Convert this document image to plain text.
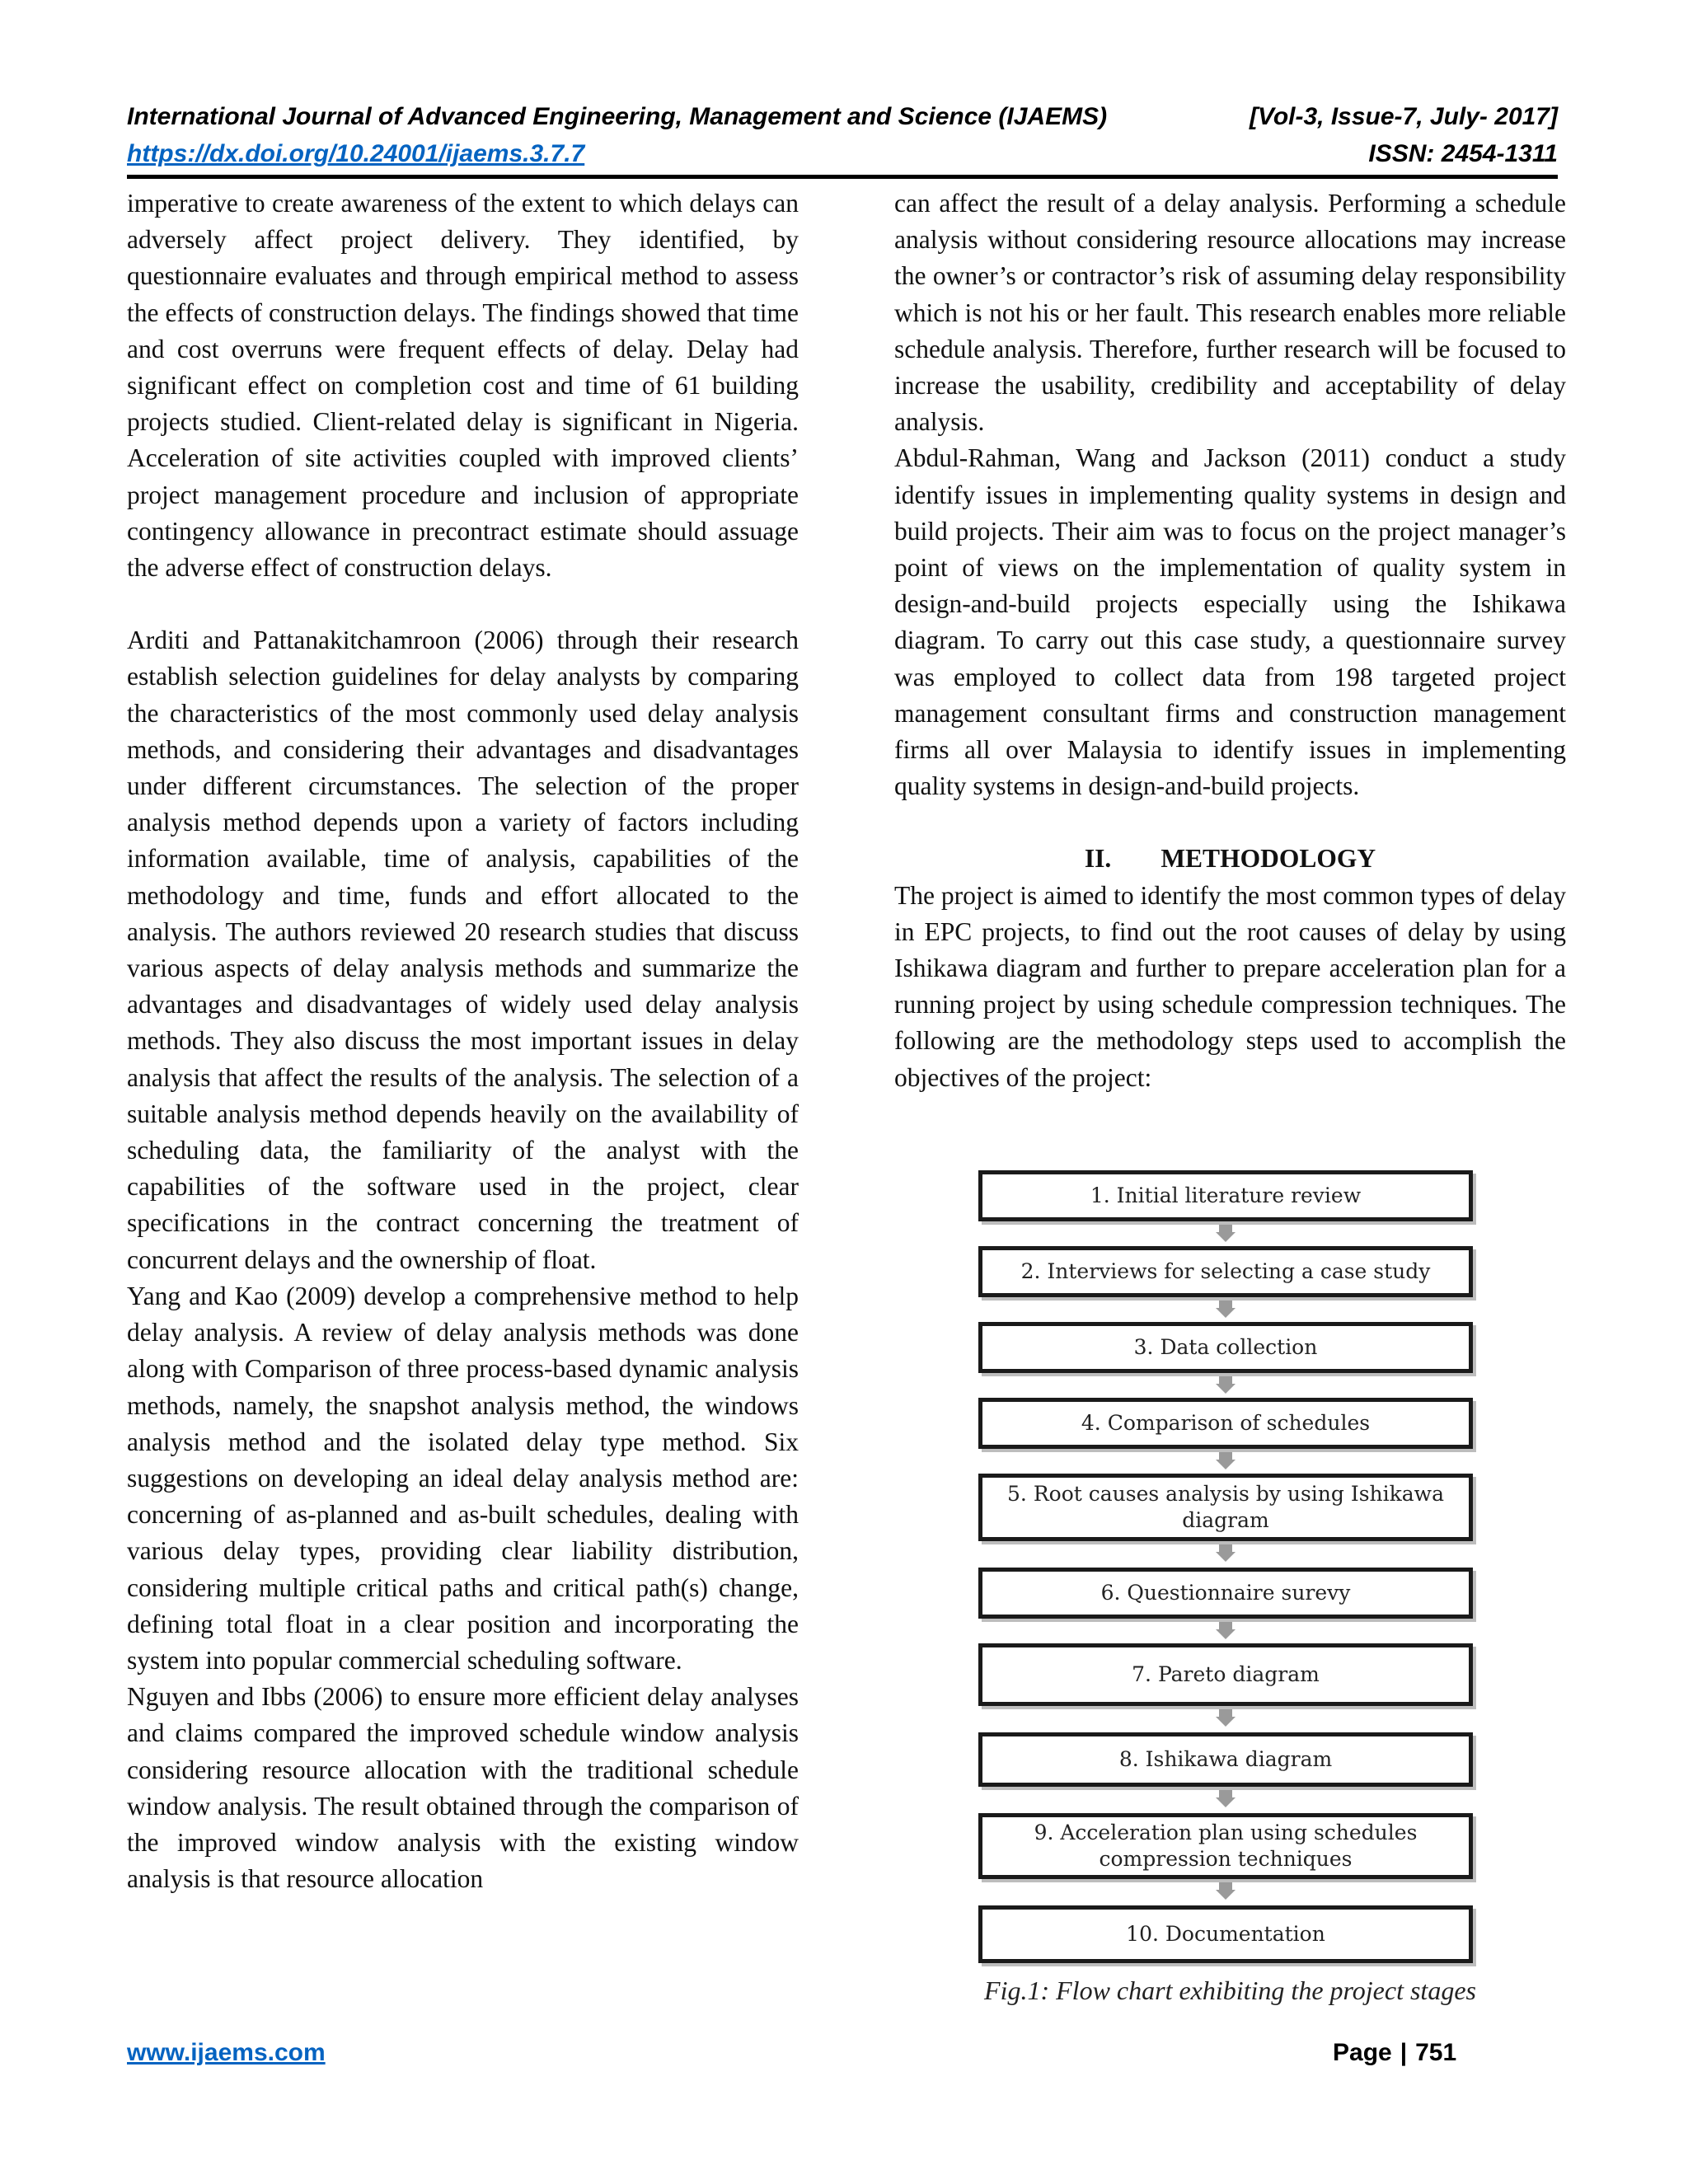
International Journal of Advanced Engineering, Management and Science (IJAEMS)	[Vol-3, Issue-7, July- 2017]
https://dx.doi.org/10.24001/ijaems.3.7.7	ISSN: 2454-1311

imperative to create awareness of the extent to which delays can adversely affect project delivery. They identified, by questionnaire evaluates and through empirical method to assess the effects of construction delays. The findings showed that time and cost overruns were frequent effects of delay. Delay had significant effect on completion cost and time of 61 building projects studied. Client-related delay is significant in Nigeria. Acceleration of site activities coupled with improved clients’ project management procedure and inclusion of appropriate contingency allowance in precontract estimate should assuage the adverse effect of construction delays.

Arditi and Pattanakitchamroon (2006) through their research establish selection guidelines for delay analysts by comparing the characteristics of the most commonly used delay analysis methods, and considering their advantages and disadvantages under different circumstances. The selection of the proper analysis method depends upon a variety of factors including information available, time of analysis, capabilities of the methodology and time, funds and effort allocated to the analysis. The authors reviewed 20 research studies that discuss various aspects of delay analysis methods and summarize the advantages and disadvantages of widely used delay analysis methods. They also discuss the most important issues in delay analysis that affect the results of the analysis. The selection of a suitable analysis method depends heavily on the availability of scheduling data, the familiarity of the analyst with the capabilities of the software used in the project, clear specifications in the contract concerning the treatment of concurrent delays and the ownership of float.

Yang and Kao (2009) develop a comprehensive method to help delay analysis. A review of delay analysis methods was done along with Comparison of three process-based dynamic analysis methods, namely, the snapshot analysis method, the windows analysis method and the isolated delay type method. Six suggestions on developing an ideal delay analysis method are: concerning of as-planned and as-built schedules, dealing with various delay types, providing clear liability distribution, considering multiple critical paths and critical path(s) change, defining total float in a clear position and incorporating the system into popular commercial scheduling software.

Nguyen and Ibbs (2006) to ensure more efficient delay analyses and claims compared the improved schedule window analysis considering resource allocation with the traditional schedule window analysis. The result obtained through the comparison of the improved window analysis with the existing window analysis is that resource allocation

can affect the result of a delay analysis. Performing a schedule analysis without considering resource allocations may increase the owner’s or contractor’s risk of assuming delay responsibility which is not his or her fault. This research enables more reliable schedule analysis. Therefore, further research will be focused to increase the usability, credibility and acceptability of delay analysis.

Abdul-Rahman, Wang and Jackson (2011) conduct a study identify issues in implementing quality systems in design and build projects. Their aim was to focus on the project manager’s point of views on the implementation of quality system in design-and-build projects especially using the Ishikawa diagram. To carry out this case study, a questionnaire survey was employed to collect data from 198 targeted project management consultant firms and construction management firms all over Malaysia to identify issues in implementing quality systems in design-and-build projects.

II. METHODOLOGY

The project is aimed to identify the most common types of delay in EPC projects, to find out the root causes of delay by using Ishikawa diagram and further to prepare acceleration plan for a running project by using schedule compression techniques. The following are the methodology steps used to accomplish the objectives of the project:

1. Initial literature review
2. Interviews for selecting a case study
3. Data collection
4. Comparison of schedules
5. Root causes analysis by using Ishikawa diagram
6. Questionnaire surevy
7. Pareto diagram
8. Ishikawa diagram
9. Acceleration plan using schedules compression techniques
10. Documentation
Fig.1: Flow chart exhibiting the project stages
www.ijaems.com	Page | 751
